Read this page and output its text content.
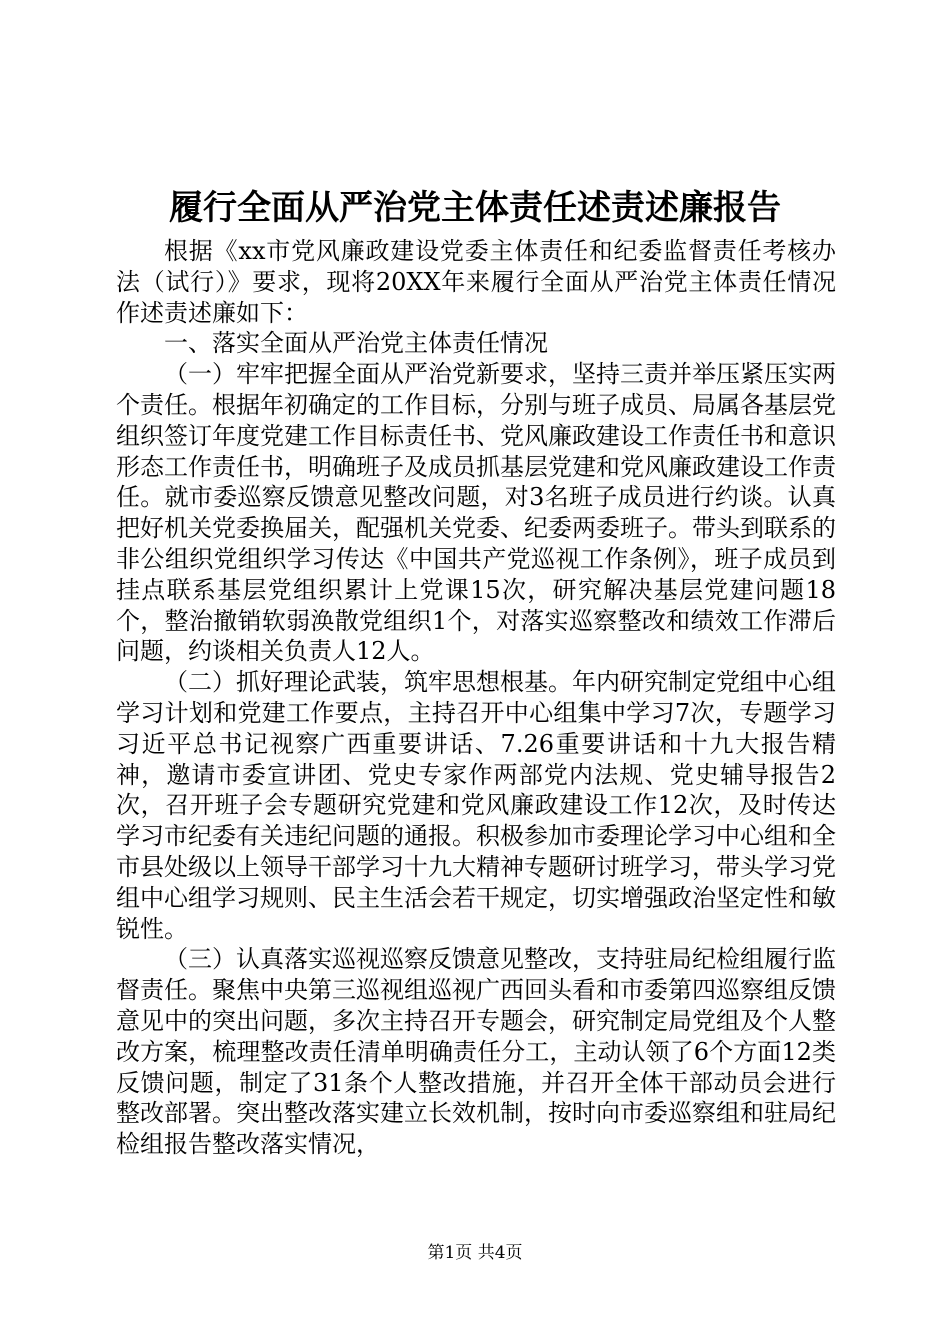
履行全面从严治党主体责任述责述廉报告

根据《xx市党风廉政建设党委主体责任和纪委监督责任考核办法（试行）》要求，现将20XX年来履行全面从严治党主体责任情况作述责述廉如下：

一、落实全面从严治党主体责任情况

（一）牢牢把握全面从严治党新要求，坚持三责并举压紧压实两个责任。根据年初确定的工作目标，分别与班子成员、局属各基层党组织签订年度党建工作目标责任书、党风廉政建设工作责任书和意识形态工作责任书，明确班子及成员抓基层党建和党风廉政建设工作责任。就市委巡察反馈意见整改问题，对3名班子成员进行约谈。认真把好机关党委换届关，配强机关党委、纪委两委班子。带头到联系的非公组织党组织学习传达《中国共产党巡视工作条例》，班子成员到挂点联系基层党组织累计上党课15次，研究解决基层党建问题18个，整治撤销软弱涣散党组织1个，对落实巡察整改和绩效工作滞后问题，约谈相关负责人12人。

（二）抓好理论武装，筑牢思想根基。年内研究制定党组中心组学习计划和党建工作要点，主持召开中心组集中学习7次，专题学习习近平总书记视察广西重要讲话、7.26重要讲话和十九大报告精神，邀请市委宣讲团、党史专家作两部党内法规、党史辅导报告2次，召开班子会专题研究党建和党风廉政建设工作12次，及时传达学习市纪委有关违纪问题的通报。积极参加市委理论学习中心组和全市县处级以上领导干部学习十九大精神专题研讨班学习，带头学习党组中心组学习规则、民主生活会若干规定，切实增强政治坚定性和敏锐性。

（三）认真落实巡视巡察反馈意见整改，支持驻局纪检组履行监督责任。聚焦中央第三巡视组巡视广西回头看和市委第四巡察组反馈意见中的突出问题，多次主持召开专题会，研究制定局党组及个人整改方案，梳理整改责任清单明确责任分工，主动认领了6个方面12类反馈问题，制定了31条个人整改措施，并召开全体干部动员会进行整改部署。突出整改落实建立长效机制，按时向市委巡察组和驻局纪检组报告整改落实情况，

第1页 共4页
